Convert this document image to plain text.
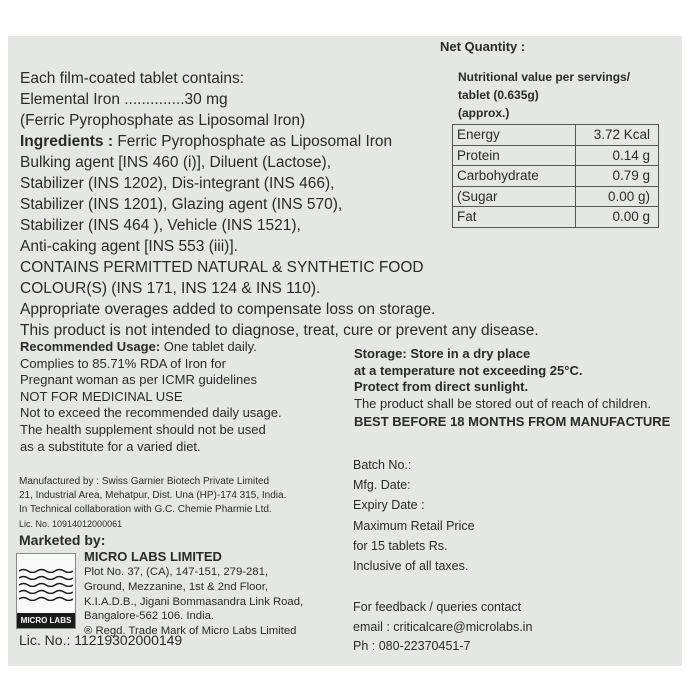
Net Quantity :
Nutritional value per servings/
tablet (0.635g)
(approx.)
Energy	3.72 Kcal
Protein	0.14 g
Carbohydrate	0.79 g
(Sugar	0.00 g)
Fat	0.00 g
Each film-coated tablet contains:
Elemental Iron ..............30 mg
(Ferric Pyrophosphate as Liposomal Iron)
Ingredients : Ferric Pyrophosphate as Liposomal Iron
Bulking agent [INS 460 (i)], Diluent (Lactose),
Stabilizer (INS 1202), Dis-integrant (INS 466),
Stabilizer (INS 1201), Glazing agent (INS 570),
Stabilizer (INS 464 ), Vehicle (INS 1521),
Anti-caking agent [INS 553 (iii)].
CONTAINS PERMITTED NATURAL & SYNTHETIC FOOD
COLOUR(S) (INS 171, INS 124 & INS 110).
Appropriate overages added to compensate loss on storage.
This product is not intended to diagnose, treat, cure or prevent any disease.
Recommended Usage: One tablet daily.
Complies to 85.71% RDA of Iron for
Pregnant woman as per ICMR guidelines
NOT FOR MEDICINAL USE
Not to exceed the recommended daily usage.
The health supplement should not be used
as a substitute for a varied diet.
Storage: Store in a dry place
at a temperature not exceeding 25°C.
Protect from direct sunlight.
The product shall be stored out of reach of children.
BEST BEFORE 18 MONTHS FROM MANUFACTURE
Manufactured by : Swiss Garnier Biotech Private Limited
21, Industrial Area, Mehatpur, Dist. Una (HP)-174 315, India.
In Technical collaboration with G.C. Chemie Pharmie Ltd.
Lic. No. 10914012000061
Batch No.:
Mfg. Date:
Expiry Date :
Maximum Retail Price
for 15 tablets Rs.
Inclusive of all taxes.
Marketed by:
MICRO LABS
MICRO LABS LIMITED
Plot No. 37, (CA), 147-151, 279-281,
Ground, Mezzanine, 1st & 2nd Floor,
K.I.A.D.B., Jigani Bommasandra Link Road,
Bangalore-562 106. India.
® Regd. Trade Mark of Micro Labs Limited
Lic. No.: 11219302000149
For feedback / queries contact
email : criticalcare@microlabs.in
Ph : 080-22370451-7
